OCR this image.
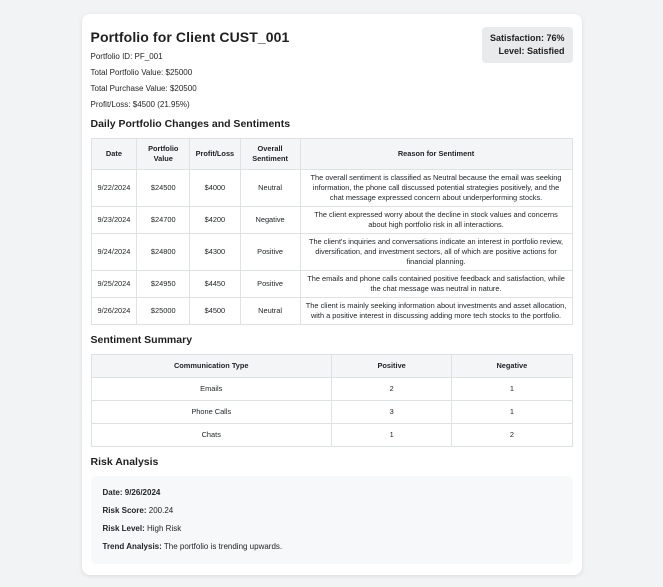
Portfolio for Client CUST_001	Satisfaction: 76%
Level: Satisfied

Portfolio ID: PF_001

Total Portfolio Value: $25000

Total Purchase Value: $20500

Profit/Loss: $4500 (21.95%)

Daily Portfolio Changes and Sentiments
Date	Portfolio Value	Profit/Loss	Overall Sentiment	Reason for Sentiment
9/22/2024	$24500	$4000	Neutral	The overall sentiment is classified as Neutral because the email was seeking information, the phone call discussed potential strategies positively, and the chat message expressed concern about underperforming stocks.
9/23/2024	$24700	$4200	Negative	The client expressed worry about the decline in stock values and concerns about high portfolio risk in all interactions.
9/24/2024	$24800	$4300	Positive	The client's inquiries and conversations indicate an interest in portfolio review, diversification, and investment sectors, all of which are positive actions for financial planning.
9/25/2024	$24950	$4450	Positive	The emails and phone calls contained positive feedback and satisfaction, while the chat message was neutral in nature.
9/26/2024	$25000	$4500	Neutral	The client is mainly seeking information about investments and asset allocation, with a positive interest in discussing adding more tech stocks to the portfolio.
Sentiment Summary
Communication Type	Positive	Negative
Emails	2	1
Phone Calls	3	1
Chats	1	2
Risk Analysis
Date: 9/26/2024
Risk Score: 200.24
Risk Level: High Risk
Trend Analysis: The portfolio is trending upwards.
